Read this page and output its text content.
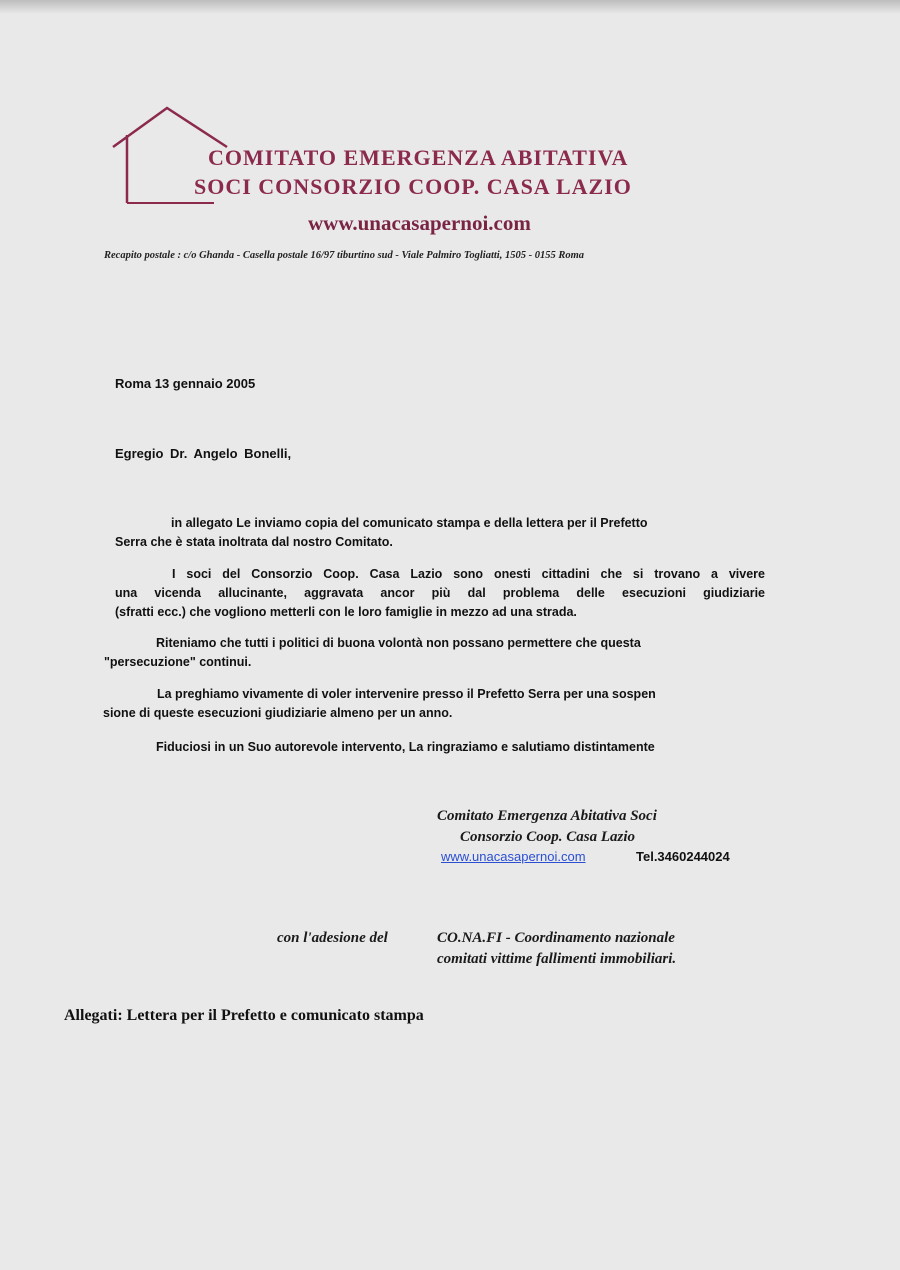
COMITATO EMERGENZA ABITATIVA
SOCI CONSORZIO COOP. CASA LAZIO
www.unacasapernoi.com
Recapito postale : c/o Ghanda - Casella postale 16/97 tiburtino sud - Viale Palmiro Togliatti, 1505 - 0155 Roma
Roma 13 gennaio 2005
Egregio Dr. Angelo Bonelli,
in allegato Le inviamo copia del comunicato stampa e della lettera per il Prefetto
Serra che è stata inoltrata dal nostro Comitato.
I soci del Consorzio Coop. Casa Lazio sono onesti cittadini che si trovano a vivere
una vicenda allucinante, aggravata ancor più dal problema delle esecuzioni giudiziarie
(sfratti ecc.) che vogliono metterli con le loro famiglie in mezzo ad una strada.
Riteniamo che tutti i politici di buona volontà non possano permettere che questa
"persecuzione" continui.
La preghiamo vivamente di voler intervenire presso il Prefetto Serra per una sospen
sione di queste esecuzioni giudiziarie almeno per un anno.
Fiduciosi in un Suo autorevole intervento, La ringraziamo e salutiamo distintamente
Comitato Emergenza Abitativa Soci
Consorzio Coop. Casa Lazio
www.unacasapernoi.com	Tel.3460244024
con l'adesione del	CO.NA.FI - Coordinamento nazionale
comitati vittime fallimenti immobiliari.
Allegati: Lettera per il Prefetto e comunicato stampa
